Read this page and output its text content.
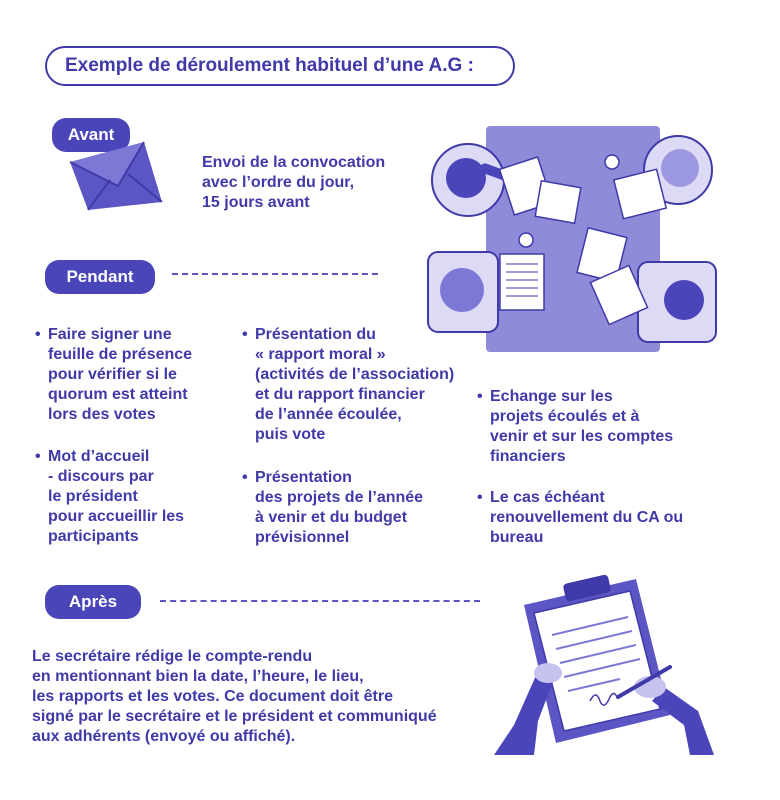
Exemple de déroulement habituel d’une A.G :
Avant
Envoi de la convocation
avec l’ordre du jour,
15 jours avant
Pendant
• Faire signer une
feuille de présence
pour vérifier si le
quorum est atteint
lors des votes
• Mot d’accueil
- discours par
le président
pour accueillir les
participants
• Présentation du
« rapport moral »
(activités de l’association)
et du rapport financier
de l’année écoulée,
puis vote
• Présentation
des projets de l’année
à venir et du budget
prévisionnel
• Echange sur les
projets écoulés et à
venir et sur les comptes
financiers
• Le cas échéant
renouvellement du CA ou
bureau
Après
Le secrétaire rédige le compte-rendu
en mentionnant bien la date, l’heure, le lieu,
les rapports et les votes. Ce document doit être
signé par le secrétaire et le président et communiqué
aux adhérents (envoyé ou affiché).
